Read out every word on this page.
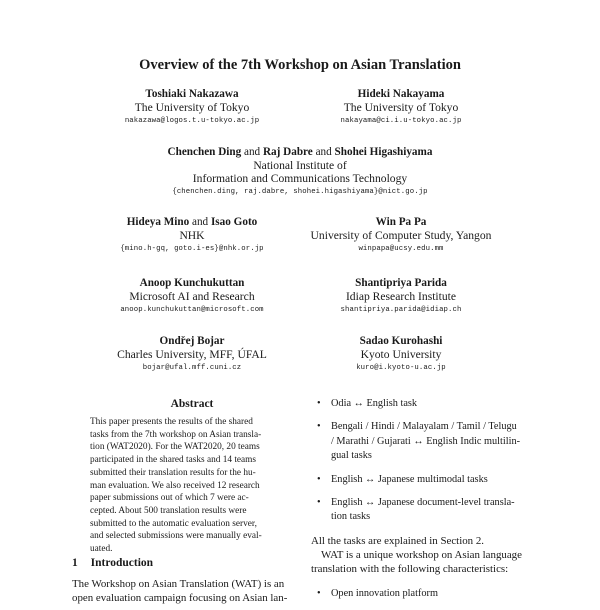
Overview of the 7th Workshop on Asian Translation
Toshiaki Nakazawa
The University of Tokyo
nakazawa@logos.t.u-tokyo.ac.jp
Hideki Nakayama
The University of Tokyo
nakayama@ci.i.u-tokyo.ac.jp
Chenchen Ding and Raj Dabre and Shohei Higashiyama
National Institute of
Information and Communications Technology
{chenchen.ding, raj.dabre, shohei.higashiyama}@nict.go.jp
Hideya Mino and Isao Goto
NHK
{mino.h-gq, goto.i-es}@nhk.or.jp
Win Pa Pa
University of Computer Study, Yangon
winpapa@ucsy.edu.mm
Anoop Kunchukuttan
Microsoft AI and Research
anoop.kunchukuttan@microsoft.com
Shantipriya Parida
Idiap Research Institute
shantipriya.parida@idiap.ch
Ondřej Bojar
Charles University, MFF, ÚFAL
bojar@ufal.mff.cuni.cz
Sadao Kurohashi
Kyoto University
kuro@i.kyoto-u.ac.jp
Abstract
This paper presents the results of the shared
tasks from the 7th workshop on Asian transla-
tion (WAT2020). For the WAT2020, 20 teams
participated in the shared tasks and 14 teams
submitted their translation results for the hu-
man evaluation. We also received 12 research
paper submissions out of which 7 were ac-
cepted. About 500 translation results were
submitted to the automatic evaluation server,
and selected submissions were manually eval-
uated.
1 Introduction
The Workshop on Asian Translation (WAT) is an
open evaluation campaign focusing on Asian lan-
• Odia ↔ English task
• Bengali / Hindi / Malayalam / Tamil / Telugu
/ Marathi / Gujarati ↔ English Indic multilin-
gual tasks
• English ↔ Japanese multimodal tasks
• English ↔ Japanese document-level transla-
tion tasks
All the tasks are explained in Section 2.
WAT is a unique workshop on Asian language
translation with the following characteristics:
• Open innovation platform
